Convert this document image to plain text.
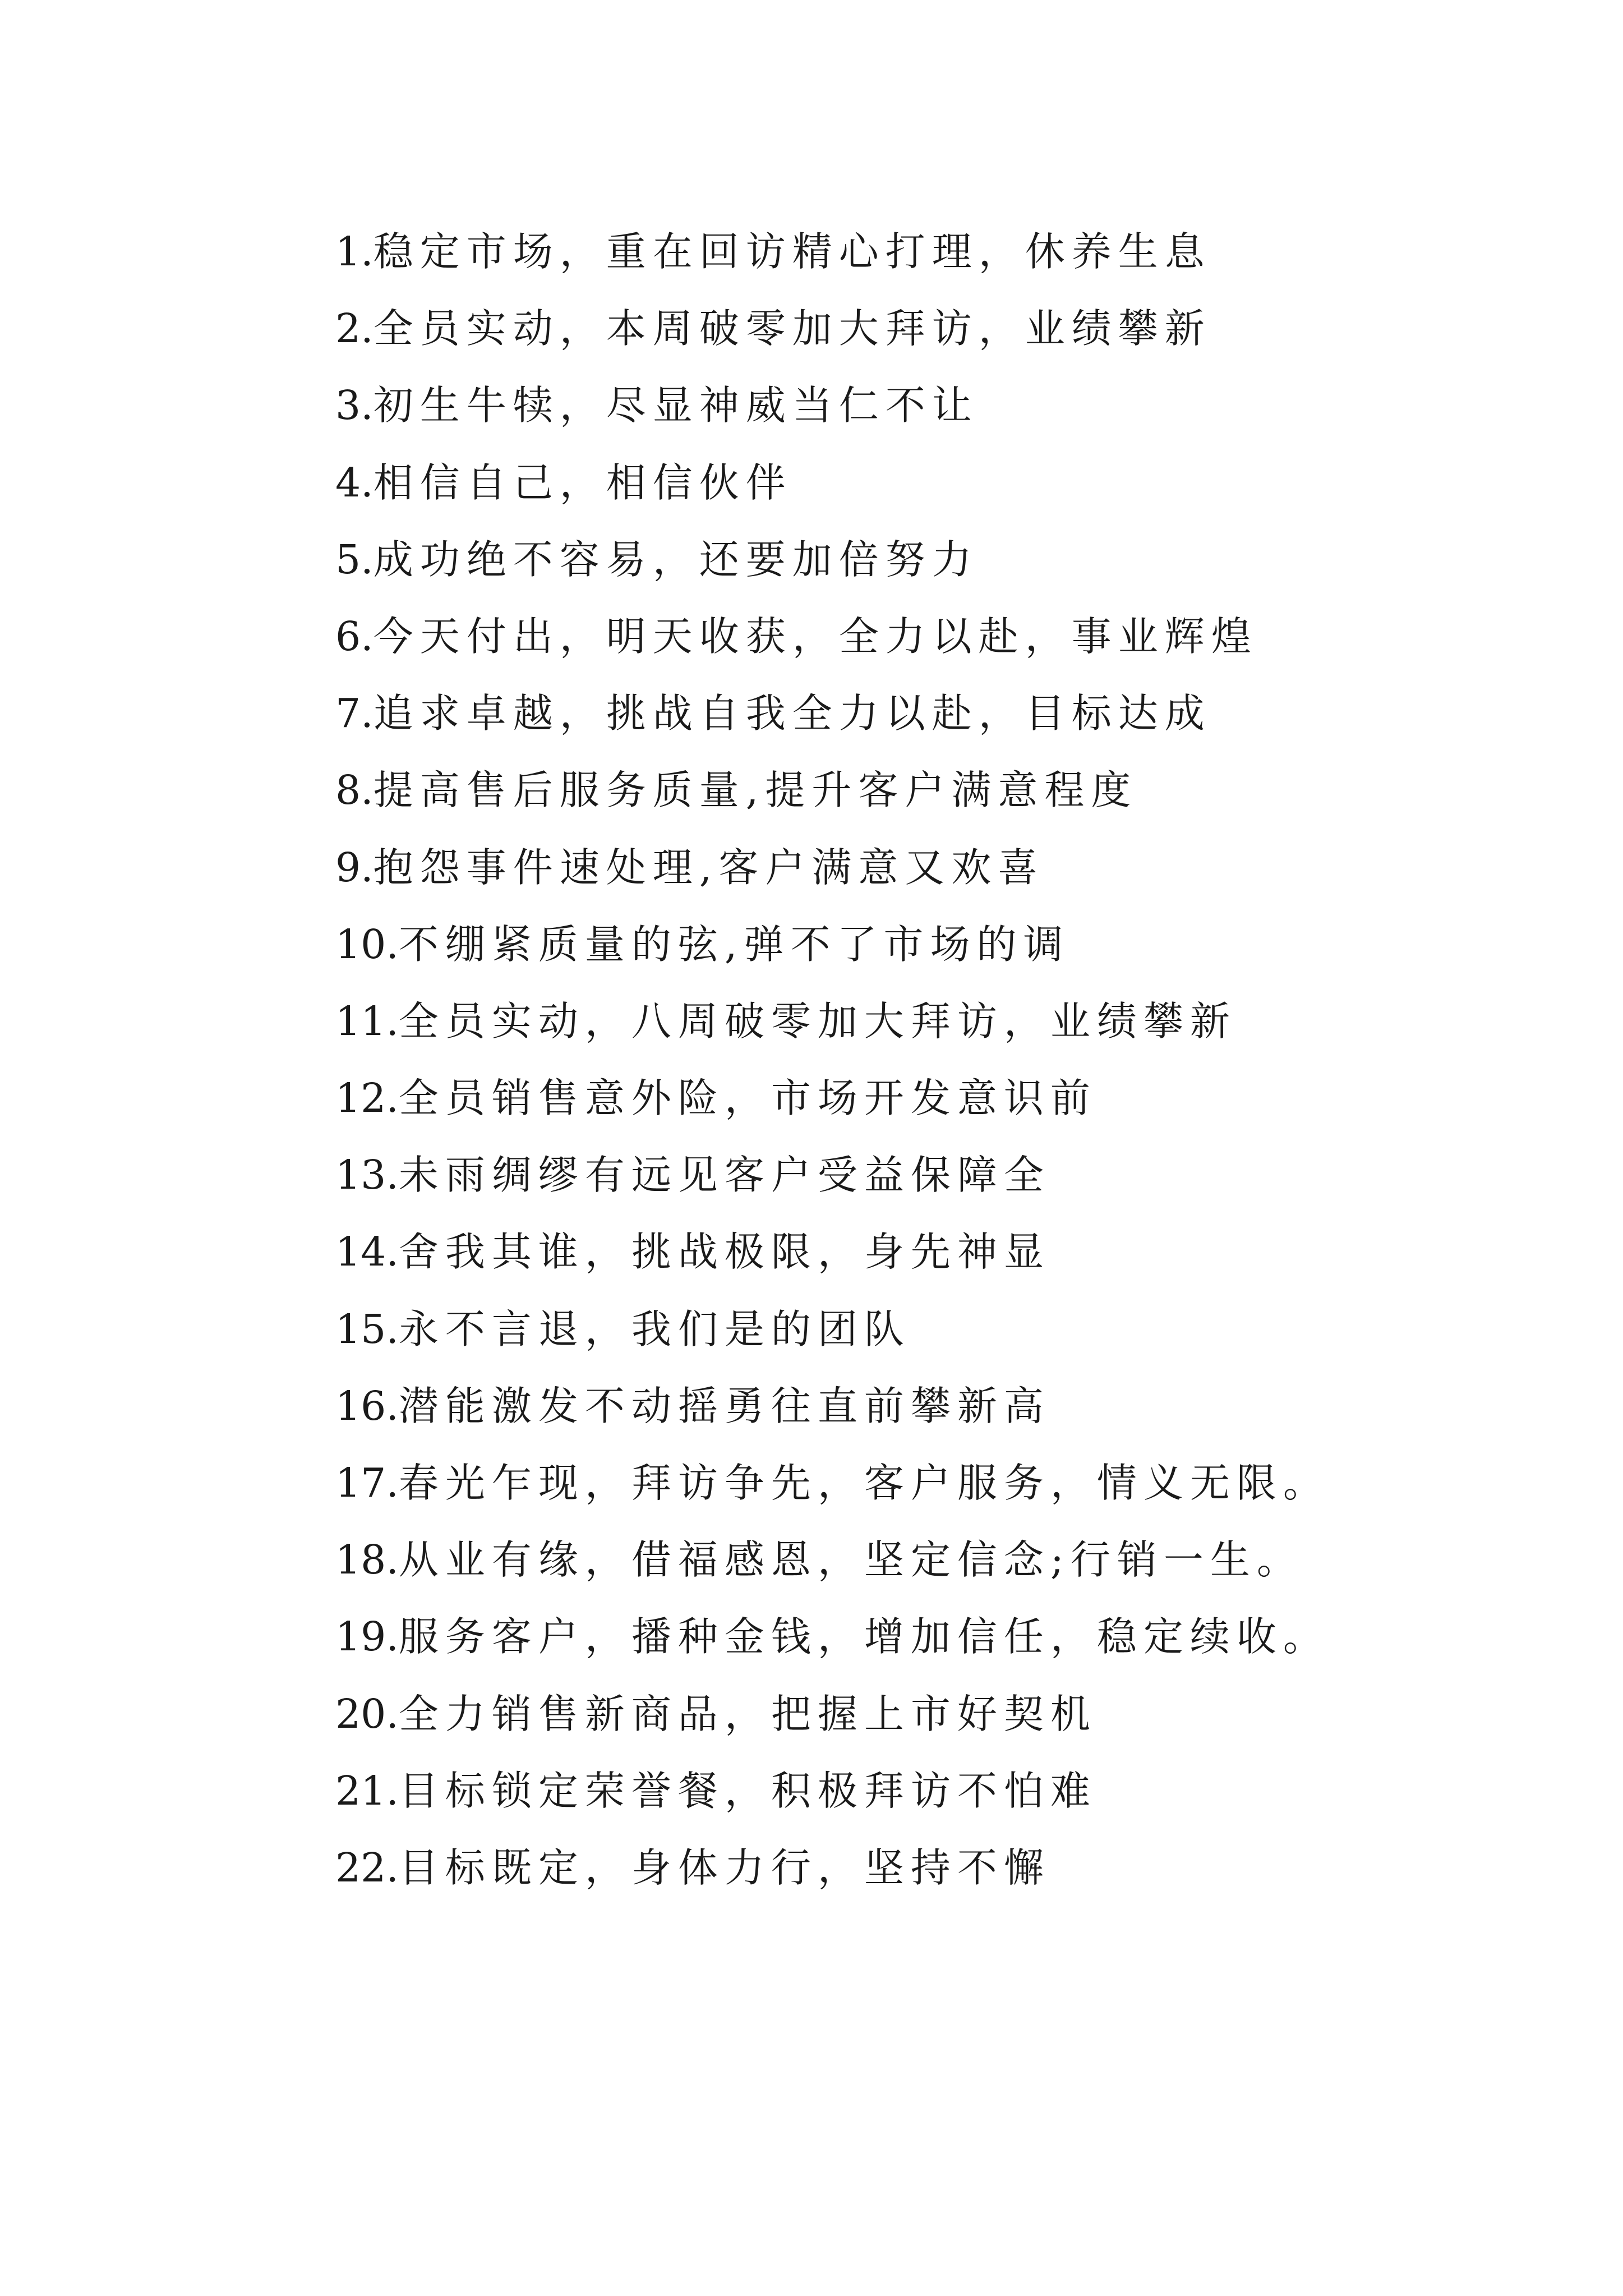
1.稳定市场，重在回访精心打理，休养生息
2.全员实动，本周破零加大拜访，业绩攀新
3.初生牛犊，尽显神威当仁不让
4.相信自己，相信伙伴
5.成功绝不容易，还要加倍努力
6.今天付出，明天收获，全力以赴，事业辉煌
7.追求卓越，挑战自我全力以赴，目标达成
8.提高售后服务质量,提升客户满意程度
9.抱怨事件速处理,客户满意又欢喜
10.不绷紧质量的弦,弹不了市场的调
11.全员实动，八周破零加大拜访，业绩攀新
12.全员销售意外险，市场开发意识前
13.未雨绸缪有远见客户受益保障全
14.舍我其谁，挑战极限，身先神显
15.永不言退，我们是的团队
16.潜能激发不动摇勇往直前攀新高
17.春光乍现，拜访争先，客户服务，情义无限。
18.从业有缘，借福感恩，坚定信念;行销一生。
19.服务客户，播种金钱，增加信任，稳定续收。
20.全力销售新商品，把握上市好契机
21.目标锁定荣誉餐，积极拜访不怕难
22.目标既定，身体力行，坚持不懈
